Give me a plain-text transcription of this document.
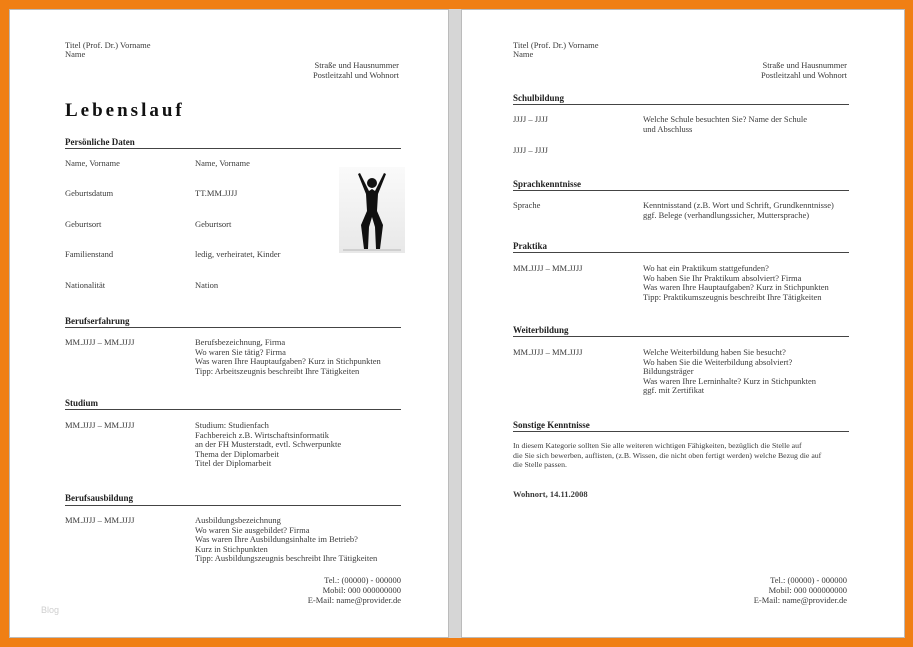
Titel (Prof. Dr.) Vorname
Name
Straße und Hausnummer
Postleitzahl und Wohnort
Lebenslauf
Persönliche Daten
Name, Vorname	Name, Vorname
Geburtsdatum	TT.MM.JJJJ
Geburtsort	Geburtsort
Familienstand	ledig, verheiratet, Kinder
Nationalität	Nation
Berufserfahrung
MM.JJJJ – MM.JJJJ	Berufsbezeichnung, Firma
Wo waren Sie tätig? Firma
Was waren Ihre Hauptaufgaben? Kurz in Stichpunkten
Tipp: Arbeitszeugnis beschreibt Ihre Tätigkeiten
Studium
MM.JJJJ – MM.JJJJ	Studium: Studienfach
Fachbereich z.B. Wirtschaftsinformatik
an der FH Musterstadt, evtl. Schwerpunkte
Thema der Diplomarbeit
Titel der Diplomarbeit
Berufsausbildung
MM.JJJJ – MM.JJJJ	Ausbildungsbezeichnung
Wo waren Sie ausgebildet? Firma
Was waren Ihre Ausbildungsinhalte im Betrieb?
Kurz in Stichpunkten
Tipp: Ausbildungszeugnis beschreibt Ihre Tätigkeiten
Tel.: (00000) - 000000
Mobil: 000 000000000
E-Mail: name@provider.de
Blog
Titel (Prof. Dr.) Vorname
Name
Straße und Hausnummer
Postleitzahl und Wohnort
Schulbildung
JJJJ – JJJJ	Welche Schule besuchten Sie? Name der Schule
und Abschluss
JJJJ – JJJJ
Sprachkenntnisse
Sprache	Kenntnisstand (z.B. Wort und Schrift, Grundkenntnisse)
ggf. Belege (verhandlungssicher, Muttersprache)
Praktika
MM.JJJJ – MM.JJJJ	Wo hat ein Praktikum stattgefunden?
Wo haben Sie Ihr Praktikum absolviert? Firma
Was waren Ihre Hauptaufgaben? Kurz in Stichpunkten
Tipp: Praktikumszeugnis beschreibt Ihre Tätigkeiten
Weiterbildung
MM.JJJJ – MM.JJJJ	Welche Weiterbildung haben Sie besucht?
Wo haben Sie die Weiterbildung absolviert?
Bildungsträger
Was waren Ihre Lerninhalte? Kurz in Stichpunkten
ggf. mit Zertifikat
Sonstige Kenntnisse
In diesem Kategorie sollten Sie alle weiteren wichtigen Fähigkeiten, bezüglich die Stelle auf
die Sie sich bewerben, auflisten, (z.B. Wissen, die nicht oben fertigt werden) welche Bezug die auf
die Stelle passen.
Wohnort, 14.11.2008
Tel.: (00000) - 000000
Mobil: 000 000000000
E-Mail: name@provider.de
